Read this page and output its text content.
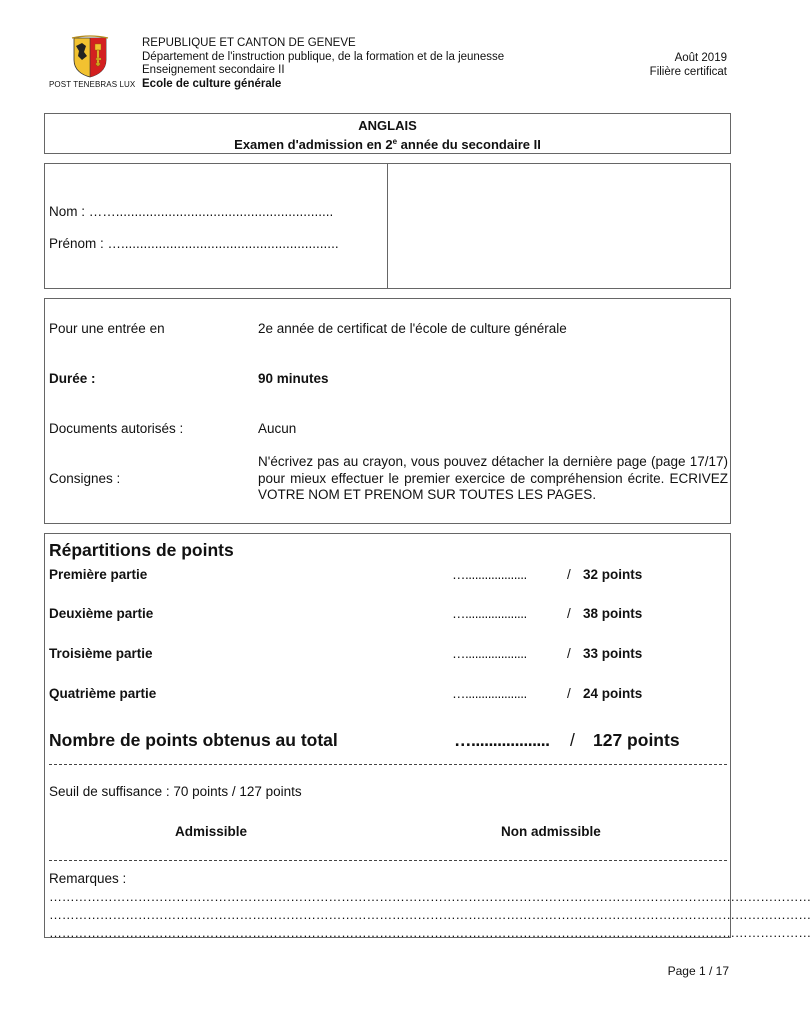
POST TENEBRAS LUX
REPUBLIQUE ET CANTON DE GENEVE
Département de l'instruction publique, de la formation et de la jeunesse
Enseignement secondaire II
Ecole de culture générale
Août 2019
Filière certificat
ANGLAIS
Examen d'admission en 2e année du secondaire II
Nom : ……..........................................................
Prénom : …..........................................................
Pour une entrée en	2e année de certificat de l'école de culture générale
Durée :	90 minutes
Documents autorisés :	Aucun
Consignes :
N'écrivez pas au crayon, vous pouvez détacher la dernière page (page 17/17) pour mieux effectuer le premier exercice de compréhension écrite. ECRIVEZ VOTRE NOM ET PRENOM SUR TOUTES LES PAGES.
Répartitions de points
Première partie	…...................	/ 32 points
Deuxième partie	…...................	/ 38 points
Troisième partie	…...................	/ 33 points
Quatrième partie	…...................	/ 24 points
Nombre de points obtenus au total	….................. / 127 points
Seuil de suffisance : 70 points / 127 points
Admissible	Non admissible
Remarques :
………………………………………………………………………………………………………………………………………………………………
………………………………………………………………………………………………………………………………………………………………
………………………………………………………………………………………………………………………………………………………………
Page 1 / 17
